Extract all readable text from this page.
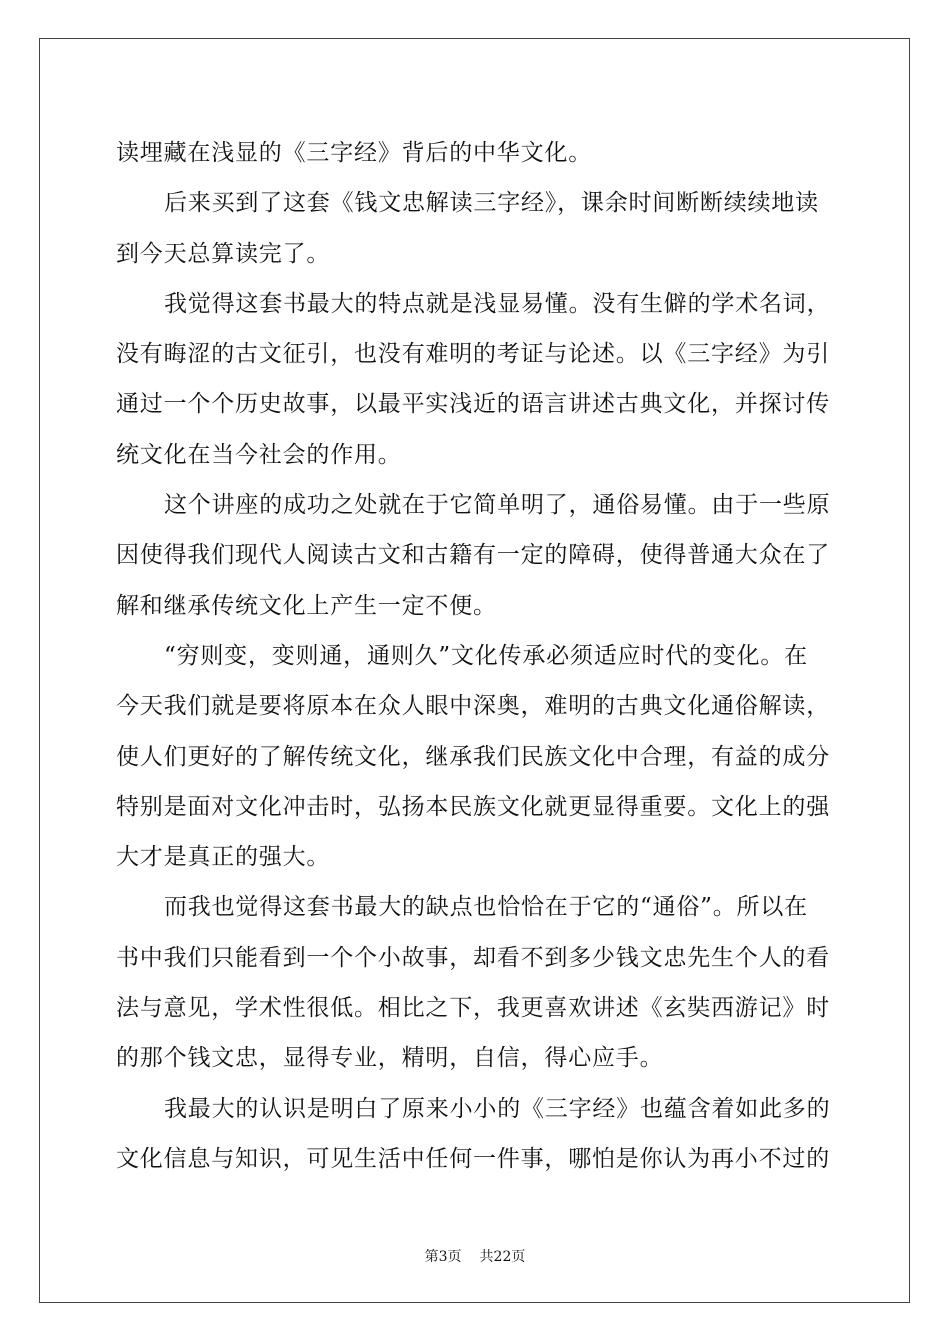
读埋藏在浅显的《三字经》背后的中华文化。
后来买到了这套《钱文忠解读三字经》，课余时间断断续续地读
到今天总算读完了。
我觉得这套书最大的特点就是浅显易懂。没有生僻的学术名词，
没有晦涩的古文征引，也没有难明的考证与论述。以《三字经》为引
通过一个个历史故事，以最平实浅近的语言讲述古典文化，并探讨传
统文化在当今社会的作用。
这个讲座的成功之处就在于它简单明了，通俗易懂。由于一些原
因使得我们现代人阅读古文和古籍有一定的障碍，使得普通大众在了
解和继承传统文化上产生一定不便。
“穷则变，变则通，通则久”文化传承必须适应时代的变化。在
今天我们就是要将原本在众人眼中深奥，难明的古典文化通俗解读，
使人们更好的了解传统文化，继承我们民族文化中合理，有益的成分
特别是面对文化冲击时，弘扬本民族文化就更显得重要。文化上的强
大才是真正的强大。
而我也觉得这套书最大的缺点也恰恰在于它的“通俗”。所以在
书中我们只能看到一个个小故事，却看不到多少钱文忠先生个人的看
法与意见，学术性很低。相比之下，我更喜欢讲述《玄奘西游记》时
的那个钱文忠，显得专业，精明，自信，得心应手。
我最大的认识是明白了原来小小的《三字经》也蕴含着如此多的
文化信息与知识，可见生活中任何一件事，哪怕是你认为再小不过的
第3页 共22页
